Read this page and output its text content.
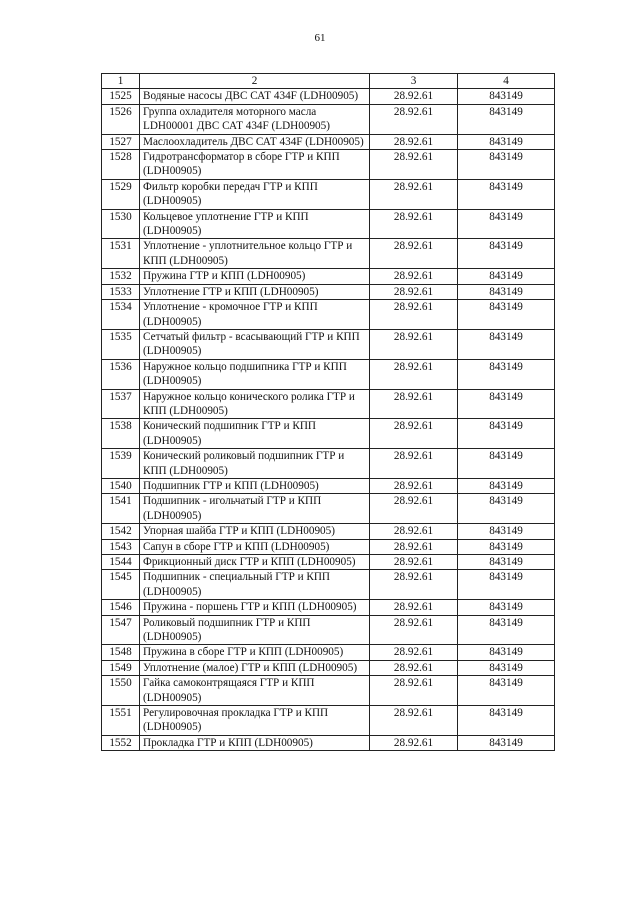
61
1	2	3	4
1525	Водяные насосы ДВС САТ 434F (LDH00905)	28.92.61	843149
1526	Группа охладителя моторного масла LDH00001 ДВС САТ 434F (LDH00905)	28.92.61	843149
1527	Маслоохладитель ДВС САТ 434F (LDH00905)	28.92.61	843149
1528	Гидротрансформатор в сборе ГТР и КПП (LDH00905)	28.92.61	843149
1529	Фильтр коробки передач ГТР и КПП (LDH00905)	28.92.61	843149
1530	Кольцевое уплотнение ГТР и КПП (LDH00905)	28.92.61	843149
1531	Уплотнение - уплотнительное кольцо ГТР и КПП (LDH00905)	28.92.61	843149
1532	Пружина ГТР и КПП (LDH00905)	28.92.61	843149
1533	Уплотнение ГТР и КПП (LDH00905)	28.92.61	843149
1534	Уплотнение - кромочное ГТР и КПП (LDH00905)	28.92.61	843149
1535	Сетчатый фильтр - всасывающий ГТР и КПП (LDH00905)	28.92.61	843149
1536	Наружное кольцо подшипника ГТР и КПП (LDH00905)	28.92.61	843149
1537	Наружное кольцо конического ролика ГТР и КПП (LDH00905)	28.92.61	843149
1538	Конический подшипник ГТР и КПП (LDH00905)	28.92.61	843149
1539	Конический роликовый подшипник ГТР и КПП (LDH00905)	28.92.61	843149
1540	Подшипник ГТР и КПП (LDH00905)	28.92.61	843149
1541	Подшипник - игольчатый ГТР и КПП (LDH00905)	28.92.61	843149
1542	Упорная шайба ГТР и КПП (LDH00905)	28.92.61	843149
1543	Сапун в сборе ГТР и КПП (LDH00905)	28.92.61	843149
1544	Фрикционный диск ГТР и КПП (LDH00905)	28.92.61	843149
1545	Подшипник - специальный ГТР и КПП (LDH00905)	28.92.61	843149
1546	Пружина - поршень ГТР и КПП (LDH00905)	28.92.61	843149
1547	Роликовый подшипник ГТР и КПП (LDH00905)	28.92.61	843149
1548	Пружина в сборе ГТР и КПП (LDH00905)	28.92.61	843149
1549	Уплотнение (малое) ГТР и КПП (LDH00905)	28.92.61	843149
1550	Гайка самоконтрящаяся ГТР и КПП (LDH00905)	28.92.61	843149
1551	Регулировочная прокладка ГТР и КПП (LDH00905)	28.92.61	843149
1552	Прокладка ГТР и КПП (LDH00905)	28.92.61	843149
